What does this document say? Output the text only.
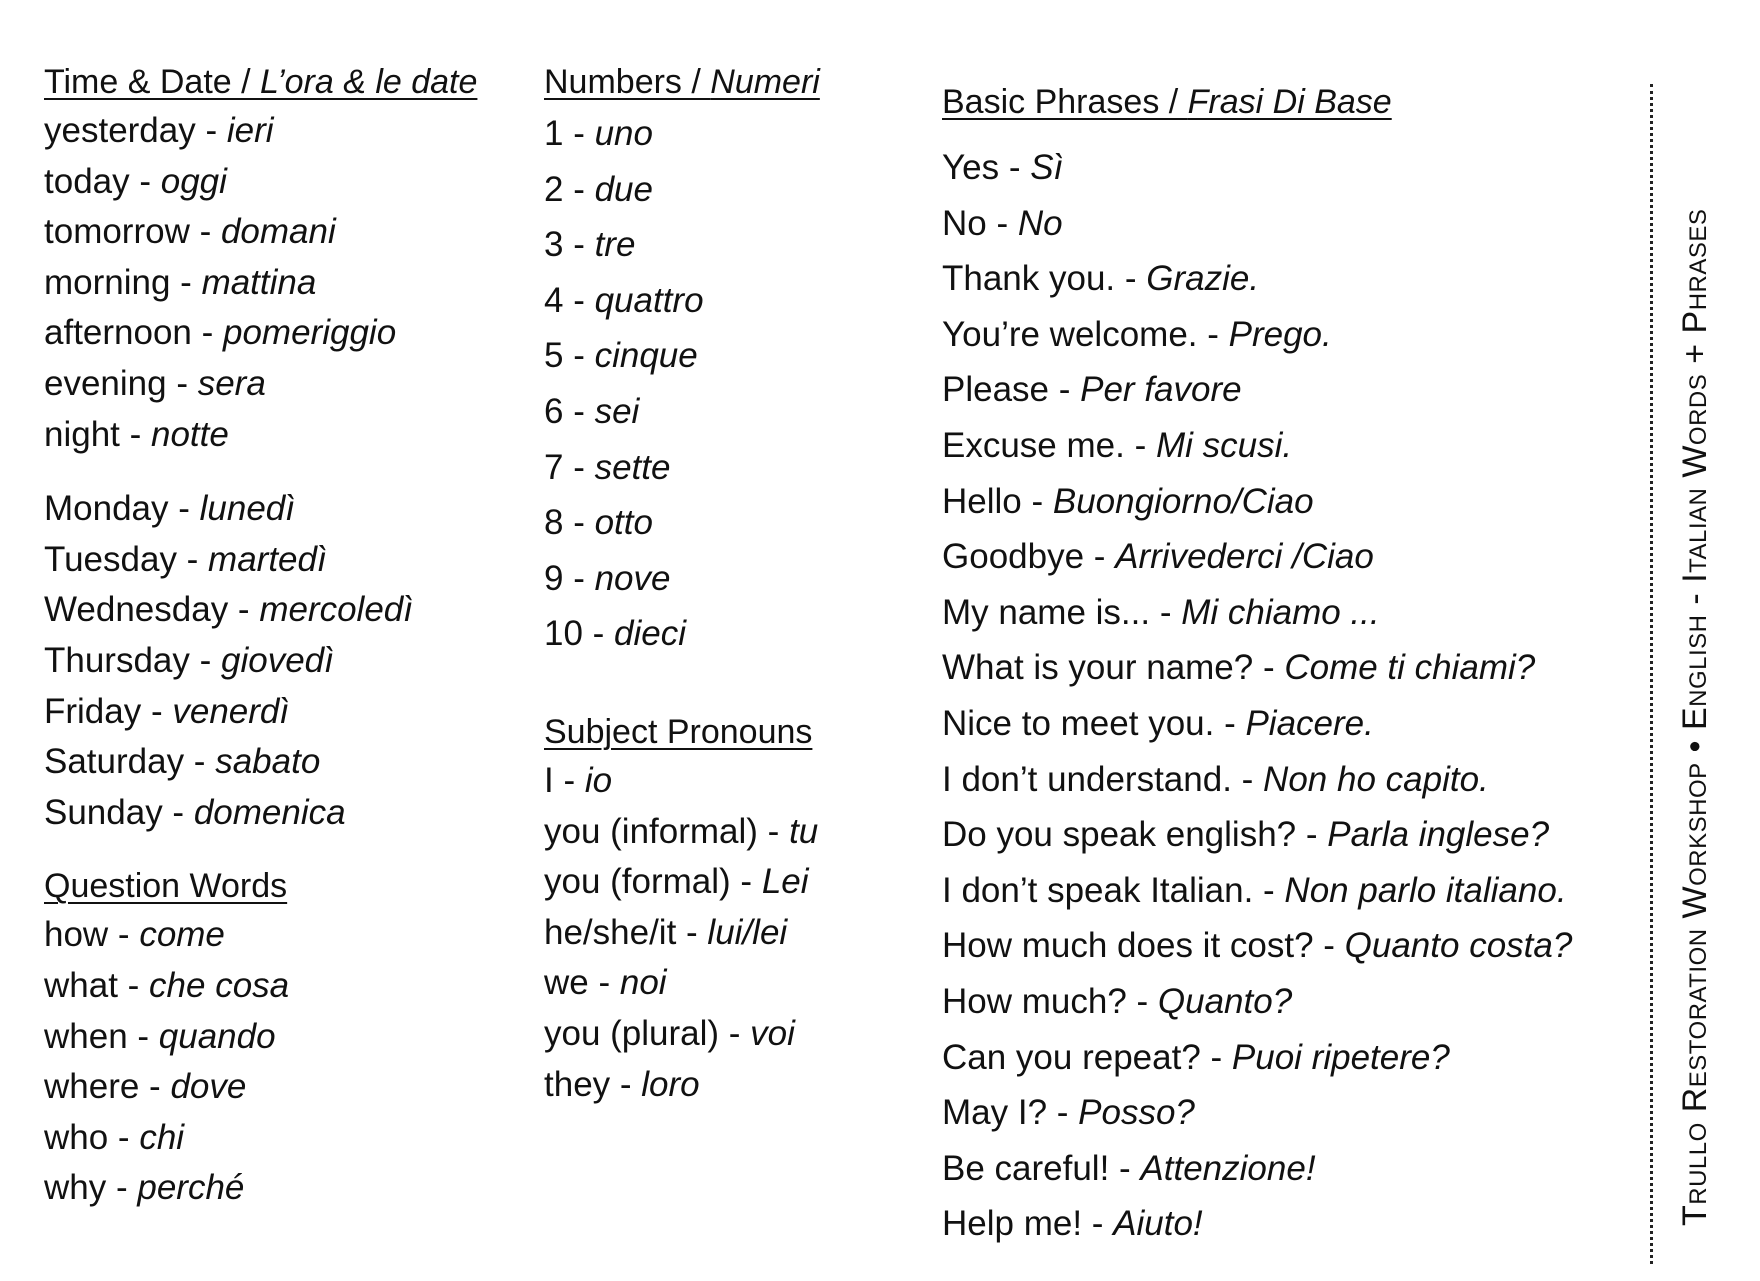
Time & Date / L’ora & le date
yesterday - ieri
today - oggi
tomorrow - domani
morning - mattina
afternoon - pomeriggio
evening - sera
night - notte
Monday - lunedì
Tuesday - martedì
Wednesday - mercoledì
Thursday - giovedì
Friday - venerdì
Saturday - sabato
Sunday - domenica
Question Words
how - come
what - che cosa
when - quando
where - dove
who - chi
why - perché
Numbers / Numeri
1 - uno
2 - due
3 - tre
4 - quattro
5 - cinque
6 - sei
7 - sette
8 - otto
9 - nove
10 - dieci
Subject Pronouns
I - io
you (informal) - tu
you (formal) - Lei
he/she/it - lui/lei
we - noi
you (plural) - voi
they - loro
Basic Phrases / Frasi Di Base
Yes - Sì
No - No
Thank you. - Grazie.
You’re welcome. - Prego.
Please - Per favore
Excuse me. - Mi scusi.
Hello - Buongiorno/Ciao
Goodbye - Arrivederci /Ciao
My name is... - Mi chiamo ...
What is your name? - Come ti chiami?
Nice to meet you. - Piacere.
I don’t understand. - Non ho capito.
Do you speak english? - Parla inglese?
I don’t speak Italian. - Non parlo italiano.
How much does it cost? - Quanto costa?
How much? - Quanto?
Can you repeat? - Puoi ripetere?
May I? - Posso?
Be careful! - Attenzione!
Help me! - Aiuto!	Trullo Restoration Workshop • English - Italian Words + Phrases
